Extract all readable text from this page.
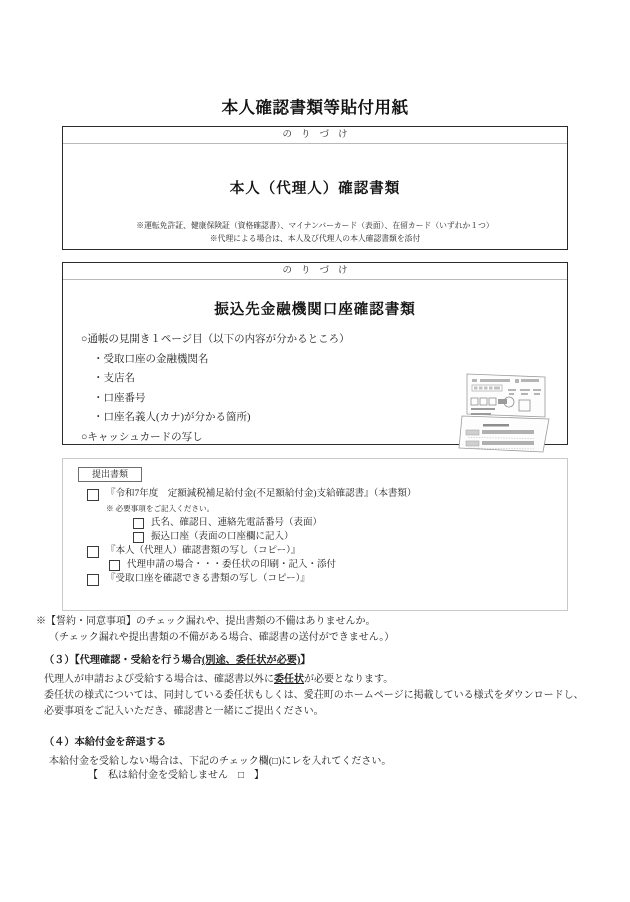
本人確認書類等貼付用紙
のりづけ
本人（代理人）確認書類
※運転免許証、健康保険証（資格確認書）、マイナンバーカード（表面）、在留カード（いずれか１つ）
※代理による場合は、本人及び代理人の本人確認書類を添付
のりづけ
振込先金融機関口座確認書類
○通帳の見開き１ページ目（以下の内容が分かるところ）
・受取口座の金融機関名
・支店名
・口座番号
・口座名義人(カナ)が分かる箇所)
○キャッシュカードの写し
提出書類
『令和7年度　定額減税補足給付金(不足額給付金)支給確認書』（本書類）
※ 必要事項をご記入ください。
氏名、確認日、連絡先電話番号（表面）
振込口座（表面の口座欄に記入）
『本人（代理人）確認書類の写し（コピー）』
代理申請の場合・・・委任状の印刷・記入・添付
『受取口座を確認できる書類の写し（コピー）』
※【誓約・同意事項】のチェック漏れや、提出書類の不備はありませんか。
（チェック漏れや提出書類の不備がある場合、確認書の送付ができません。）
（３）【代理確認・受給を行う場合(別途、委任状が必要)】
代理人が申請および受給する場合は、確認書以外に委任状が必要となります。
委任状の様式については、同封している委任状もしくは、愛荘町のホームページに掲載している様式をダウンロードし、
必要事項をご記入いただき、確認書と一緒にご提出ください。
（４）本給付金を辞退する
本給付金を受給しない場合は、下記のチェック欄(□)にレを入れてください。
【　私は給付金を受給しません　□　】
